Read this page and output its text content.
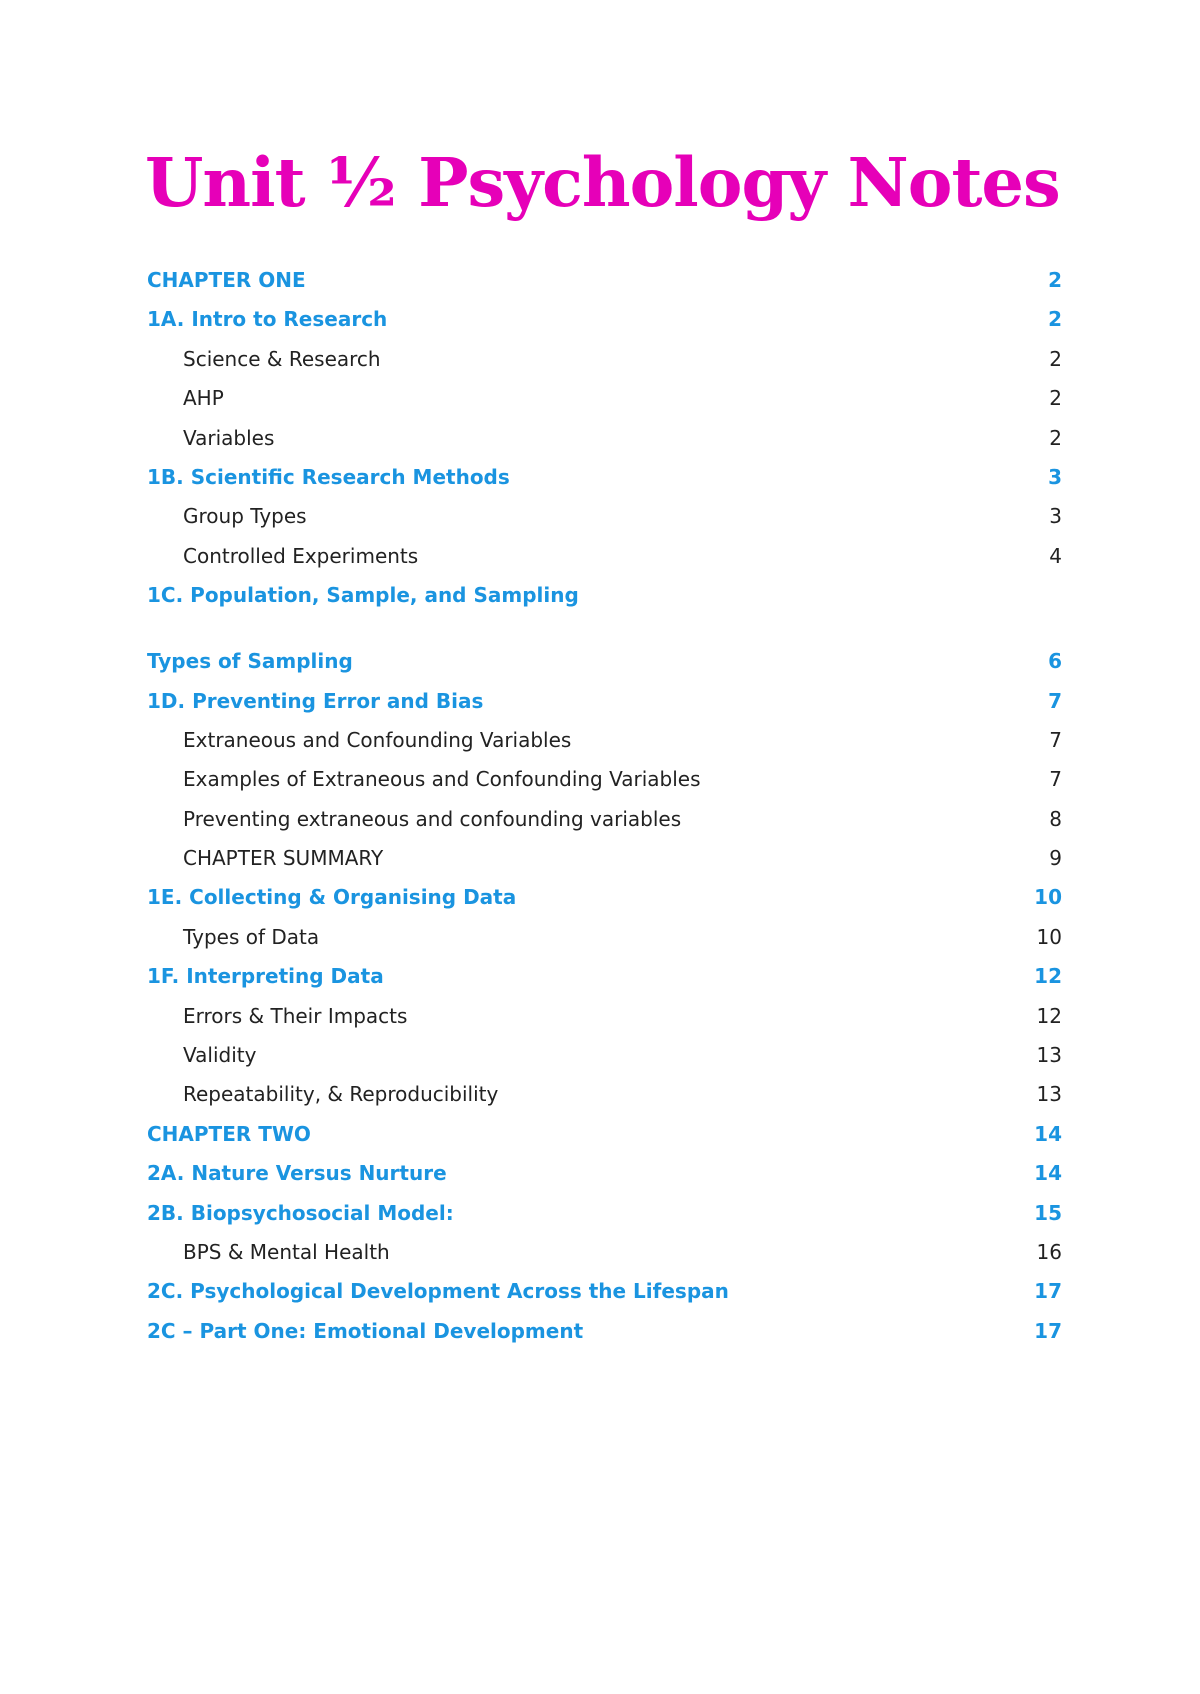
Unit ½ Psychology Notes
CHAPTER ONE	2
1A. Intro to Research	2
Science & Research	2
AHP	2
Variables	2
1B. Scientific Research Methods	3
Group Types	3
Controlled Experiments	4
1C. Population, Sample, and Sampling
Types of Sampling	6
1D. Preventing Error and Bias	7
Extraneous and Confounding Variables	7
Examples of Extraneous and Confounding Variables	7
Preventing extraneous and confounding variables	8
CHAPTER SUMMARY	9
1E. Collecting & Organising Data	10
Types of Data	10
1F. Interpreting Data	12
Errors & Their Impacts	12
Validity	13
Repeatability, & Reproducibility	13
CHAPTER TWO	14
2A. Nature Versus Nurture	14
2B. Biopsychosocial Model:	15
BPS & Mental Health	16
2C. Psychological Development Across the Lifespan	17
2C – Part One: Emotional Development	17
